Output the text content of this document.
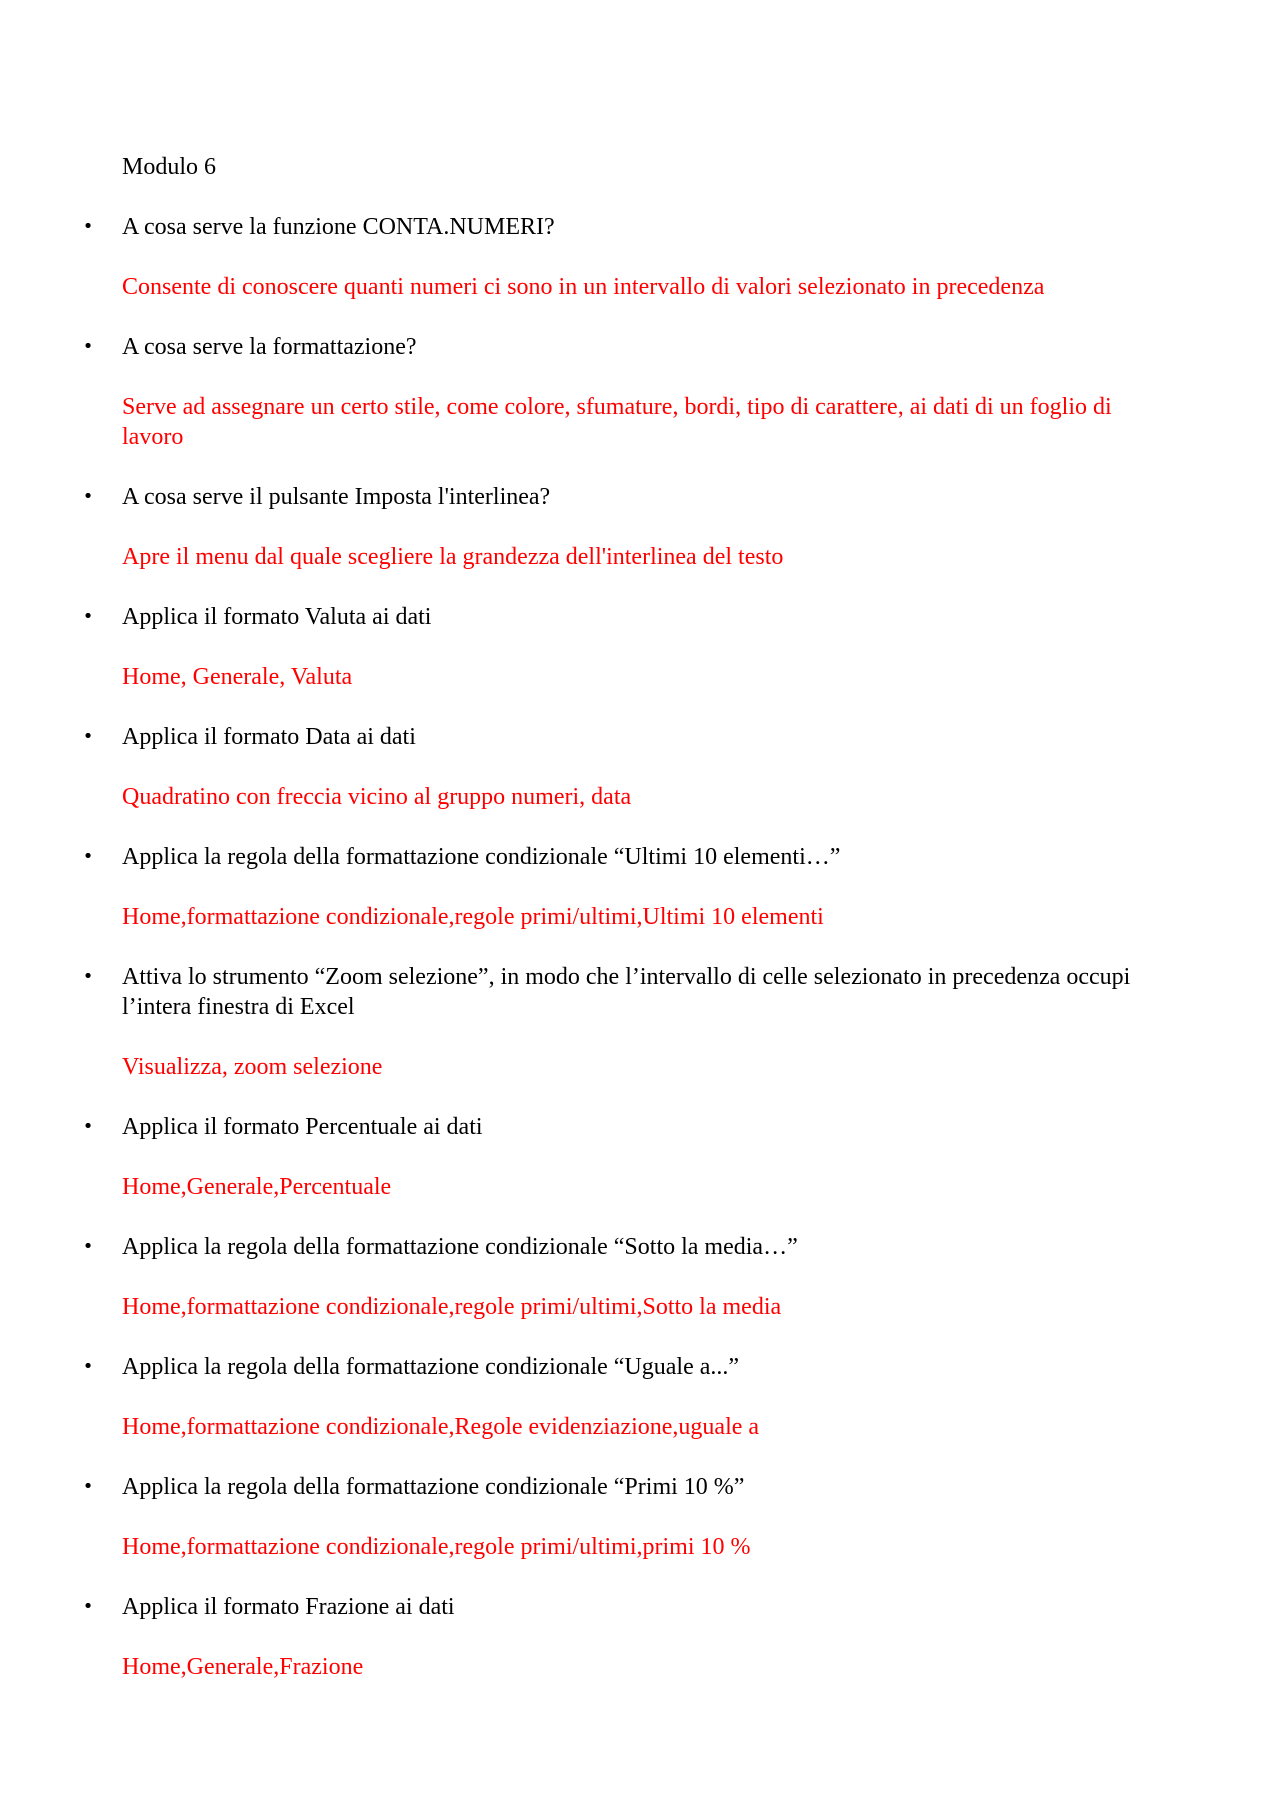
Modulo 6
• A cosa serve la funzione CONTA.NUMERI?
Consente di conoscere quanti numeri ci sono in un intervallo di valori selezionato in precedenza
• A cosa serve la formattazione?
Serve ad assegnare un certo stile, come colore, sfumature, bordi, tipo di carattere, ai dati di un foglio di lavoro
• A cosa serve il pulsante Imposta l'interlinea?
Apre il menu dal quale scegliere la grandezza dell'interlinea del testo
• Applica il formato Valuta ai dati
Home, Generale, Valuta
• Applica il formato Data ai dati
Quadratino con freccia vicino al gruppo numeri, data
• Applica la regola della formattazione condizionale “Ultimi 10 elementi…”
Home,formattazione condizionale,regole primi/ultimi,Ultimi 10 elementi
• Attiva lo strumento “Zoom selezione”, in modo che l’intervallo di celle selezionato in precedenza occupi l’intera finestra di Excel
Visualizza, zoom selezione
• Applica il formato Percentuale ai dati
Home,Generale,Percentuale
• Applica la regola della formattazione condizionale “Sotto la media…”
Home,formattazione condizionale,regole primi/ultimi,Sotto la media
• Applica la regola della formattazione condizionale “Uguale a...”
Home,formattazione condizionale,Regole evidenziazione,uguale a
• Applica la regola della formattazione condizionale “Primi 10 %”
Home,formattazione condizionale,regole primi/ultimi,primi 10 %
• Applica il formato Frazione ai dati
Home,Generale,Frazione
